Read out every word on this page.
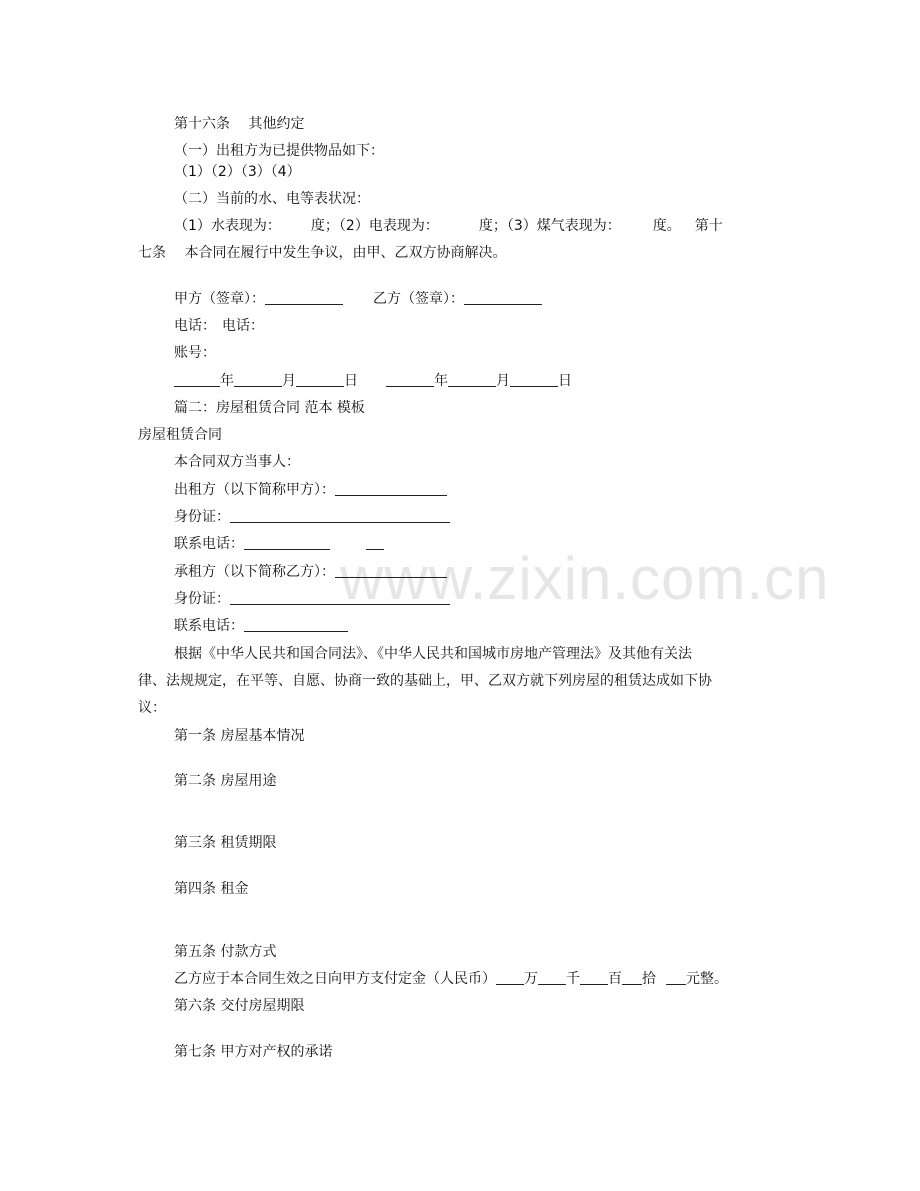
www.zixin.com.cn
第十六条　 其他约定
（一）出租方为已提供物品如下：
（1）（2）（3）（4）
（二）当前的水、电等表状况：
（1）水表现为： 度；（2）电表现为：	度；（3）煤气表现为： 度。 第十
七条　 本合同在履行中发生争议，由甲、乙双方协商解决。
甲方（签章）：	乙方（签章）：
电话： 电话：
账号：
年	月	日	年	月	日
篇二：房屋租赁合同 范本 模板
房屋租赁合同
本合同双方当事人：
出租方（以下简称甲方）：
身份证：
联系电话：
承租方（以下简称乙方）：
身份证：
联系电话：
根据《中华人民共和国合同法》、《中华人民共和国城市房地产管理法》及其他有关法
律、法规规定，在平等、自愿、协商一致的基础上，甲、乙双方就下列房屋的租赁达成如下协
议：
第一条 房屋基本情况
第二条 房屋用途
第三条 租赁期限
第四条 租金
第五条 付款方式
乙方应于本合同生效之日向甲方支付定金（人民币） 万 千 百 拾 元整。
第六条 交付房屋期限
第七条 甲方对产权的承诺
